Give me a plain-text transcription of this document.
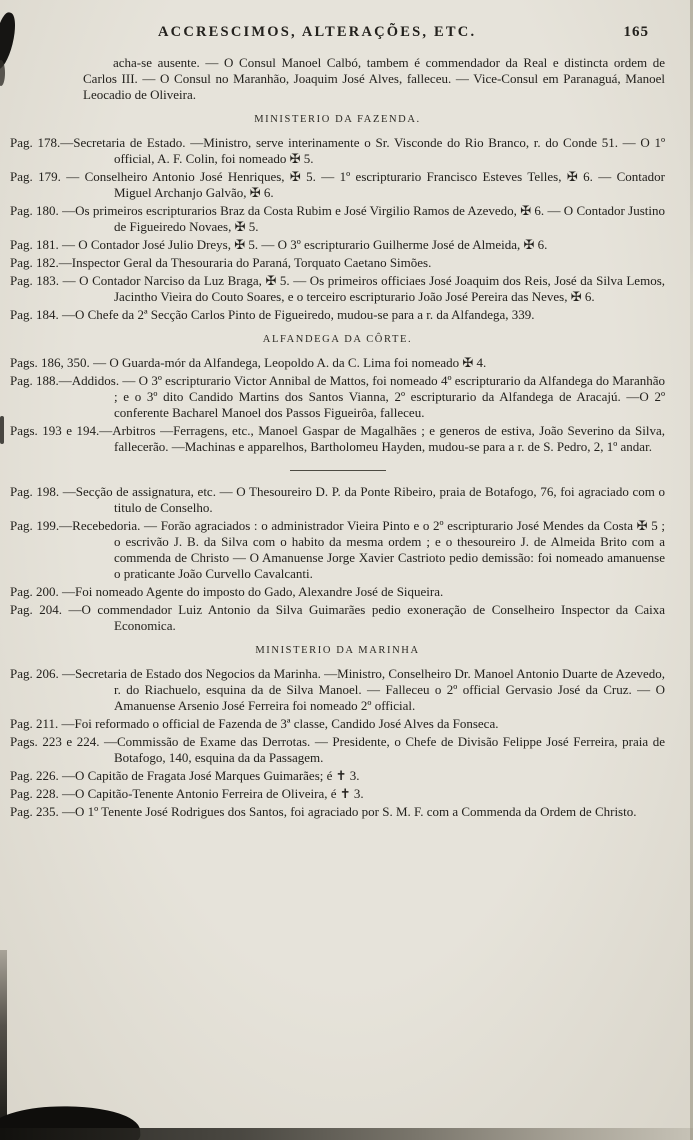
ACCRESCIMOS, ALTERAÇÕES, ETC.	165

acha-se ausente. — O Consul Manoel Calbó, tambem é commendador da Real e distincta ordem de Carlos III. — O Consul no Maranhão, Joaquim José Alves, falleceu. — Vice-Consul em Paranaguá, Manoel Leocadio de Oliveira.

MINISTERIO DA FAZENDA.
Pag. 178.—Secretaria de Estado. —Ministro, serve interinamente o Sr. Visconde do Rio Branco, r. do Conde 51. — O 1º official, A. F. Colin, foi nomeado ✠ 5.
Pag. 179. — Conselheiro Antonio José Henriques, ✠ 5. — 1º escripturario Francisco Esteves Telles, ✠ 6. — Contador Miguel Archanjo Galvão, ✠ 6.
Pag. 180. —Os primeiros escripturarios Braz da Costa Rubim e José Virgilio Ramos de Azevedo, ✠ 6. — O Contador Justino de Figueiredo Novaes, ✠ 5.
Pag. 181. — O Contador José Julio Dreys, ✠ 5. — O 3º escripturario Guilherme José de Almeida, ✠ 6.
Pag. 182.—Inspector Geral da Thesouraria do Paraná, Torquato Caetano Simões.
Pag. 183. — O Contador Narciso da Luz Braga, ✠ 5. — Os primeiros officiaes José Joaquim dos Reis, José da Silva Lemos, Jacintho Vieira do Couto Soares, e o terceiro escripturario João José Pereira das Neves, ✠ 6.
Pag. 184. —O Chefe da 2ª Secção Carlos Pinto de Figueiredo, mudou-se para a r. da Alfandega, 339.
ALFANDEGA DA CÔRTE.
Pags. 186, 350. — O Guarda-mór da Alfandega, Leopoldo A. da C. Lima foi nomeado ✠ 4.
Pag. 188.—Addidos. — O 3º escripturario Victor Annibal de Mattos, foi nomeado 4º escripturario da Alfandega do Maranhão ; e o 3º dito Candido Martins dos Santos Vianna, 2º escripturario da Alfandega de Aracajú. —O 2º conferente Bacharel Manoel dos Passos Figueirôa, falleceu.
Pags. 193 e 194.—Arbitros —Ferragens, etc., Manoel Gaspar de Magalhães ; e generos de estiva, João Severino da Silva, fallecerão. —Machinas e apparelhos, Bartholomeu Hayden, mudou-se para a r. de S. Pedro, 2, 1º andar.
Pag. 198. —Secção de assignatura, etc. — O Thesoureiro D. P. da Ponte Ribeiro, praia de Botafogo, 76, foi agraciado com o titulo de Conselho.
Pag. 199.—Recebedoria. — Forão agraciados : o administrador Vieira Pinto e o 2º escripturario José Mendes da Costa ✠ 5 ; o escrivão J. B. da Silva com o habito da mesma ordem ; e o thesoureiro J. de Almeida Brito com a commenda de Christo — O Amanuense Jorge Xavier Castrioto pedio demissão: foi nomeado amanuense o praticante João Curvello Cavalcanti.
Pag. 200. —Foi nomeado Agente do imposto do Gado, Alexandre José de Siqueira.
Pag. 204. —O commendador Luiz Antonio da Silva Guimarães pedio exoneração de Conselheiro Inspector da Caixa Economica.
MINISTERIO DA MARINHA
Pag. 206. —Secretaria de Estado dos Negocios da Marinha. —Ministro, Conselheiro Dr. Manoel Antonio Duarte de Azevedo, r. do Riachuelo, esquina da de Silva Manoel. — Falleceu o 2º official Gervasio José da Cruz. — O Amanuense Arsenio José Ferreira foi nomeado 2º official.
Pag. 211. —Foi reformado o official de Fazenda de 3ª classe, Candido José Alves da Fonseca.
Pags. 223 e 224. —Commissão de Exame das Derrotas. — Presidente, o Chefe de Divisão Felippe José Ferreira, praia de Botafogo, 140, esquina da da Passagem.
Pag. 226. —O Capitão de Fragata José Marques Guimarães; é ✝ 3.
Pag. 228. —O Capitão-Tenente Antonio Ferreira de Oliveira, é ✝ 3.
Pag. 235. —O 1º Tenente José Rodrigues dos Santos, foi agraciado por S. M. F. com a Commenda da Ordem de Christo.
